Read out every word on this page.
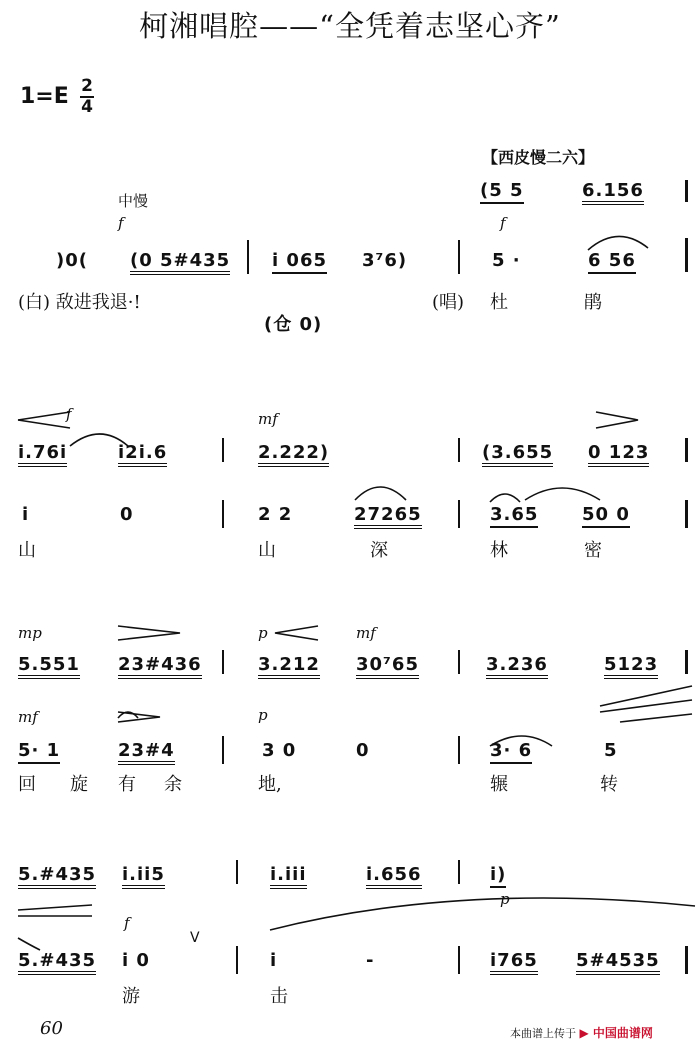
柯湘唱腔——“全凭着志坚心齐”
1=E 2
4
【西皮慢二六】
中慢
f	f
(5 5	6.156
)0( (0 5#435 i 065 3⁷6)	5 ·	6 56
(白) 敌进我退·!	(唱) 杜	鹃
(仓 0)
f	mf
i.76i	i2i.6	2.222)	(3.655 0 123
i	0	2 2	27265	3.65 50 0
山	山	深	林	密
mp	p	mf
5.551 23#436	3.212 30⁷65	3.236	5123
mf	p
5· 1	23#4	3 0	0	3· 6	5
回 旋 有 余	地,	辗	转
5.#435 i.ii5	i.iii	i.656	i)
p
f
5.#435 i 0
V
i	-	i765 5#4535
游	击
60	本曲谱上传于 ▶ 中国曲谱网
